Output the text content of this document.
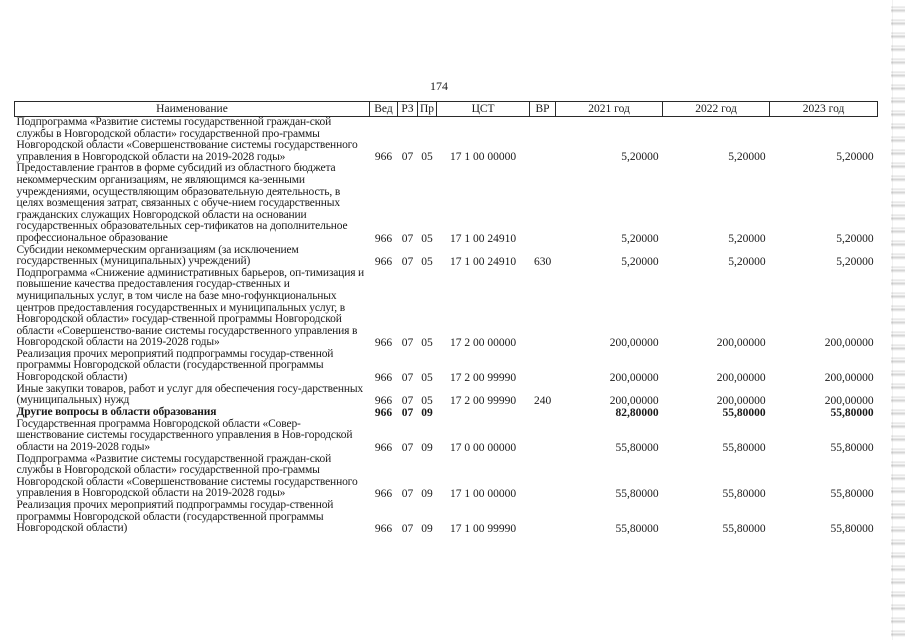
174
Наименование	Вед	РЗ	Пр	ЦСТ	ВР	2021 год	2022 год	2023 год
Подпрограмма «Развитие системы государственной граждан-ской службы в Новгородской области» государственной про-граммы Новгородской области «Совершенствование системы государственного управления в Новгородской области на 2019-2028 годы»	966	07	05	17 1 00 00000		5,20000	5,20000	5,20000
Предоставление грантов в форме субсидий из областного бюджета некоммерческим организациям, не являющимся ка-зенными учреждениями, осуществляющим образовательную деятельность, в целях возмещения затрат, связанных с обуче-нием государственных гражданских служащих Новгородской области на основании государственных образовательных сер-тификатов на дополнительное профессиональное образование	966	07	05	17 1 00 24910		5,20000	5,20000	5,20000
Субсидии некоммерческим организациям (за исключением государственных (муниципальных) учреждений)	966	07	05	17 1 00 24910	630	5,20000	5,20000	5,20000
Подпрограмма «Снижение административных барьеров, оп-тимизация и повышение качества предоставления государ-ственных и муниципальных услуг, в том числе на базе мно-гофункциональных центров предоставления государственных и муниципальных услуг, в Новгородской области» государ-ственной программы Новгородской области «Совершенство-вание системы государственного управления в Новгородской области на 2019-2028 годы»	966	07	05	17 2 00 00000		200,00000	200,00000	200,00000
Реализация прочих мероприятий подпрограммы государ-ственной программы Новгородской области (государственной программы Новгородской области)	966	07	05	17 2 00 99990		200,00000	200,00000	200,00000
Иные закупки товаров, работ и услуг для обеспечения госу-дарственных (муниципальных) нужд	966	07	05	17 2 00 99990	240	200,00000	200,00000	200,00000
Другие вопросы в области образования	966	07	09			82,80000	55,80000	55,80000
Государственная программа Новгородской области «Совер-шенствование системы государственного управления в Нов-городской области на 2019-2028 годы»	966	07	09	17 0 00 00000		55,80000	55,80000	55,80000
Подпрограмма «Развитие системы государственной граждан-ской службы в Новгородской области» государственной про-граммы Новгородской области «Совершенствование системы государственного управления в Новгородской области на 2019-2028 годы»	966	07	09	17 1 00 00000		55,80000	55,80000	55,80000
Реализация прочих мероприятий подпрограммы государ-ственной программы Новгородской области (государственной программы Новгородской области)	966	07	09	17 1 00 99990		55,80000	55,80000	55,80000
